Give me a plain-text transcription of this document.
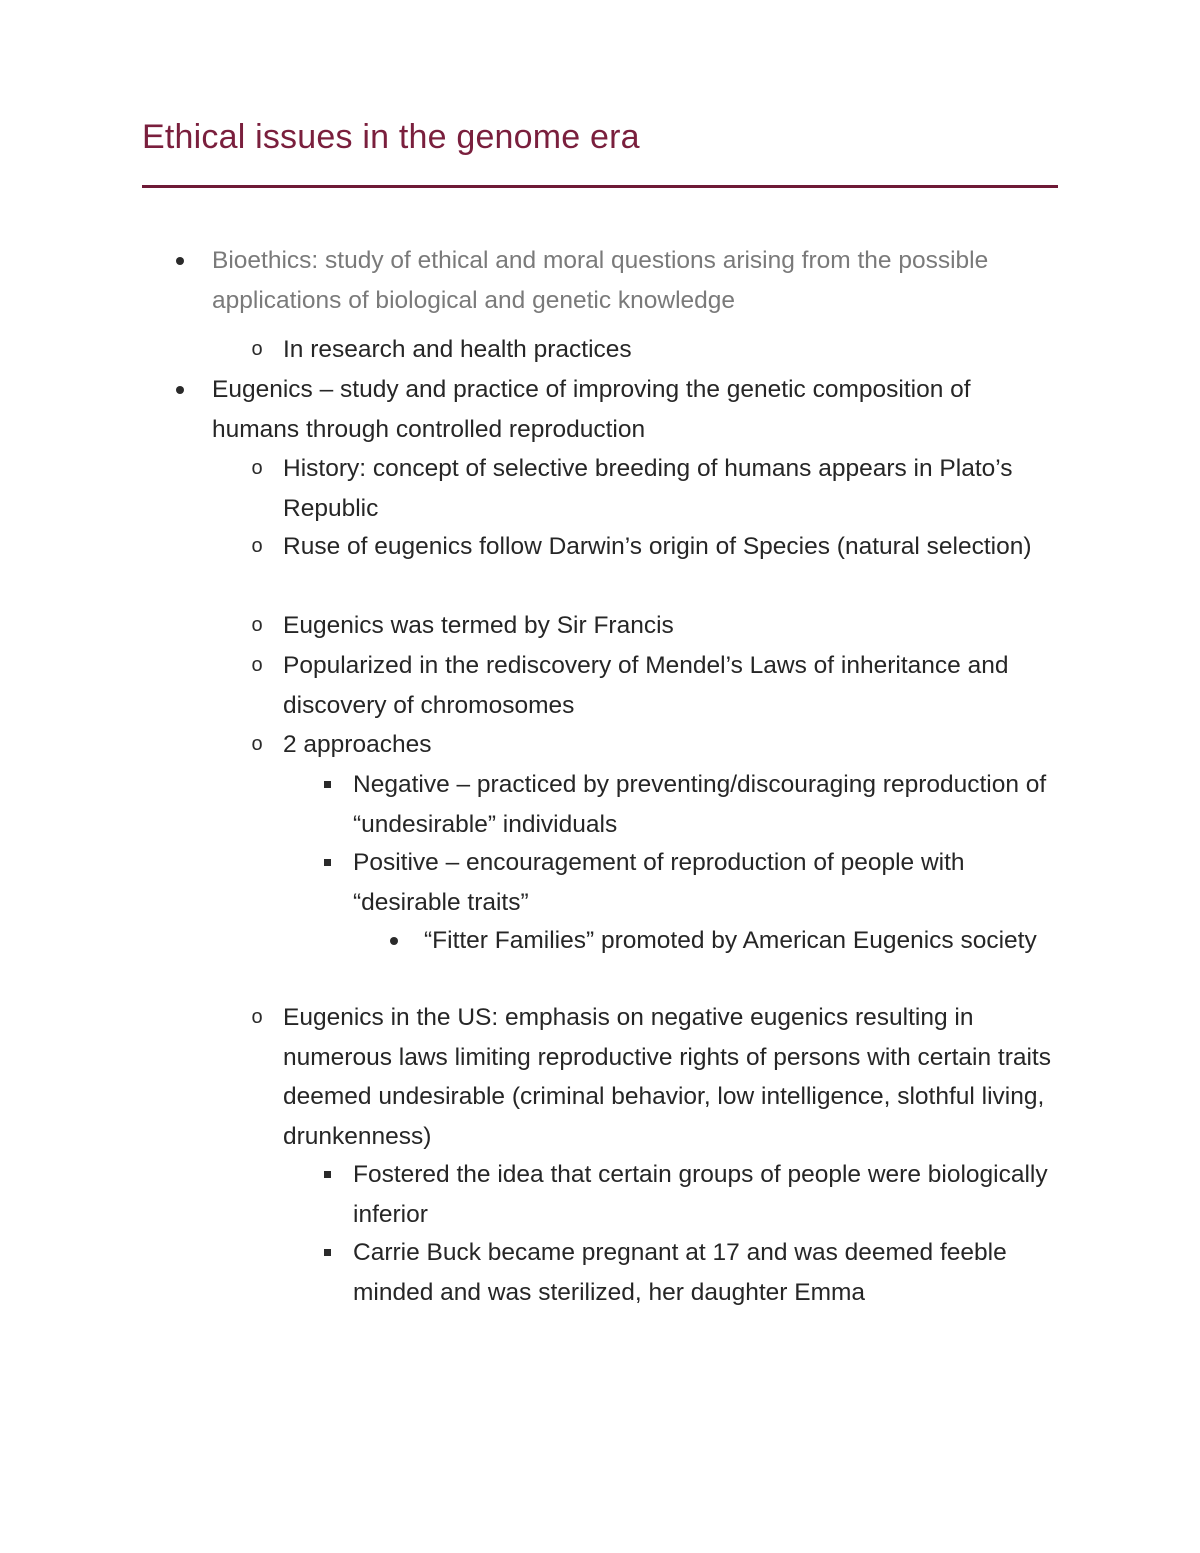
Ethical issues in the genome era
Bioethics: study of ethical and moral questions arising from the possible applications of biological and genetic knowledge
o In research and health practices
Eugenics – study and practice of improving the genetic composition of humans through controlled reproduction
o History: concept of selective breeding of humans appears in Plato’s Republic
o Ruse of eugenics follow Darwin’s origin of Species (natural selection)
o Eugenics was termed by Sir Francis
o Popularized in the rediscovery of Mendel’s Laws of inheritance and discovery of chromosomes
o 2 approaches
Negative – practiced by preventing/discouraging reproduction of “undesirable” individuals
Positive – encouragement of reproduction of people with “desirable traits”
“Fitter Families” promoted by American Eugenics society
o Eugenics in the US: emphasis on negative eugenics resulting in numerous laws limiting reproductive rights of persons with certain traits deemed undesirable (criminal behavior, low intelligence, slothful living, drunkenness)
Fostered the idea that certain groups of people were biologically inferior
Carrie Buck became pregnant at 17 and was deemed feeble minded and was sterilized, her daughter Emma
